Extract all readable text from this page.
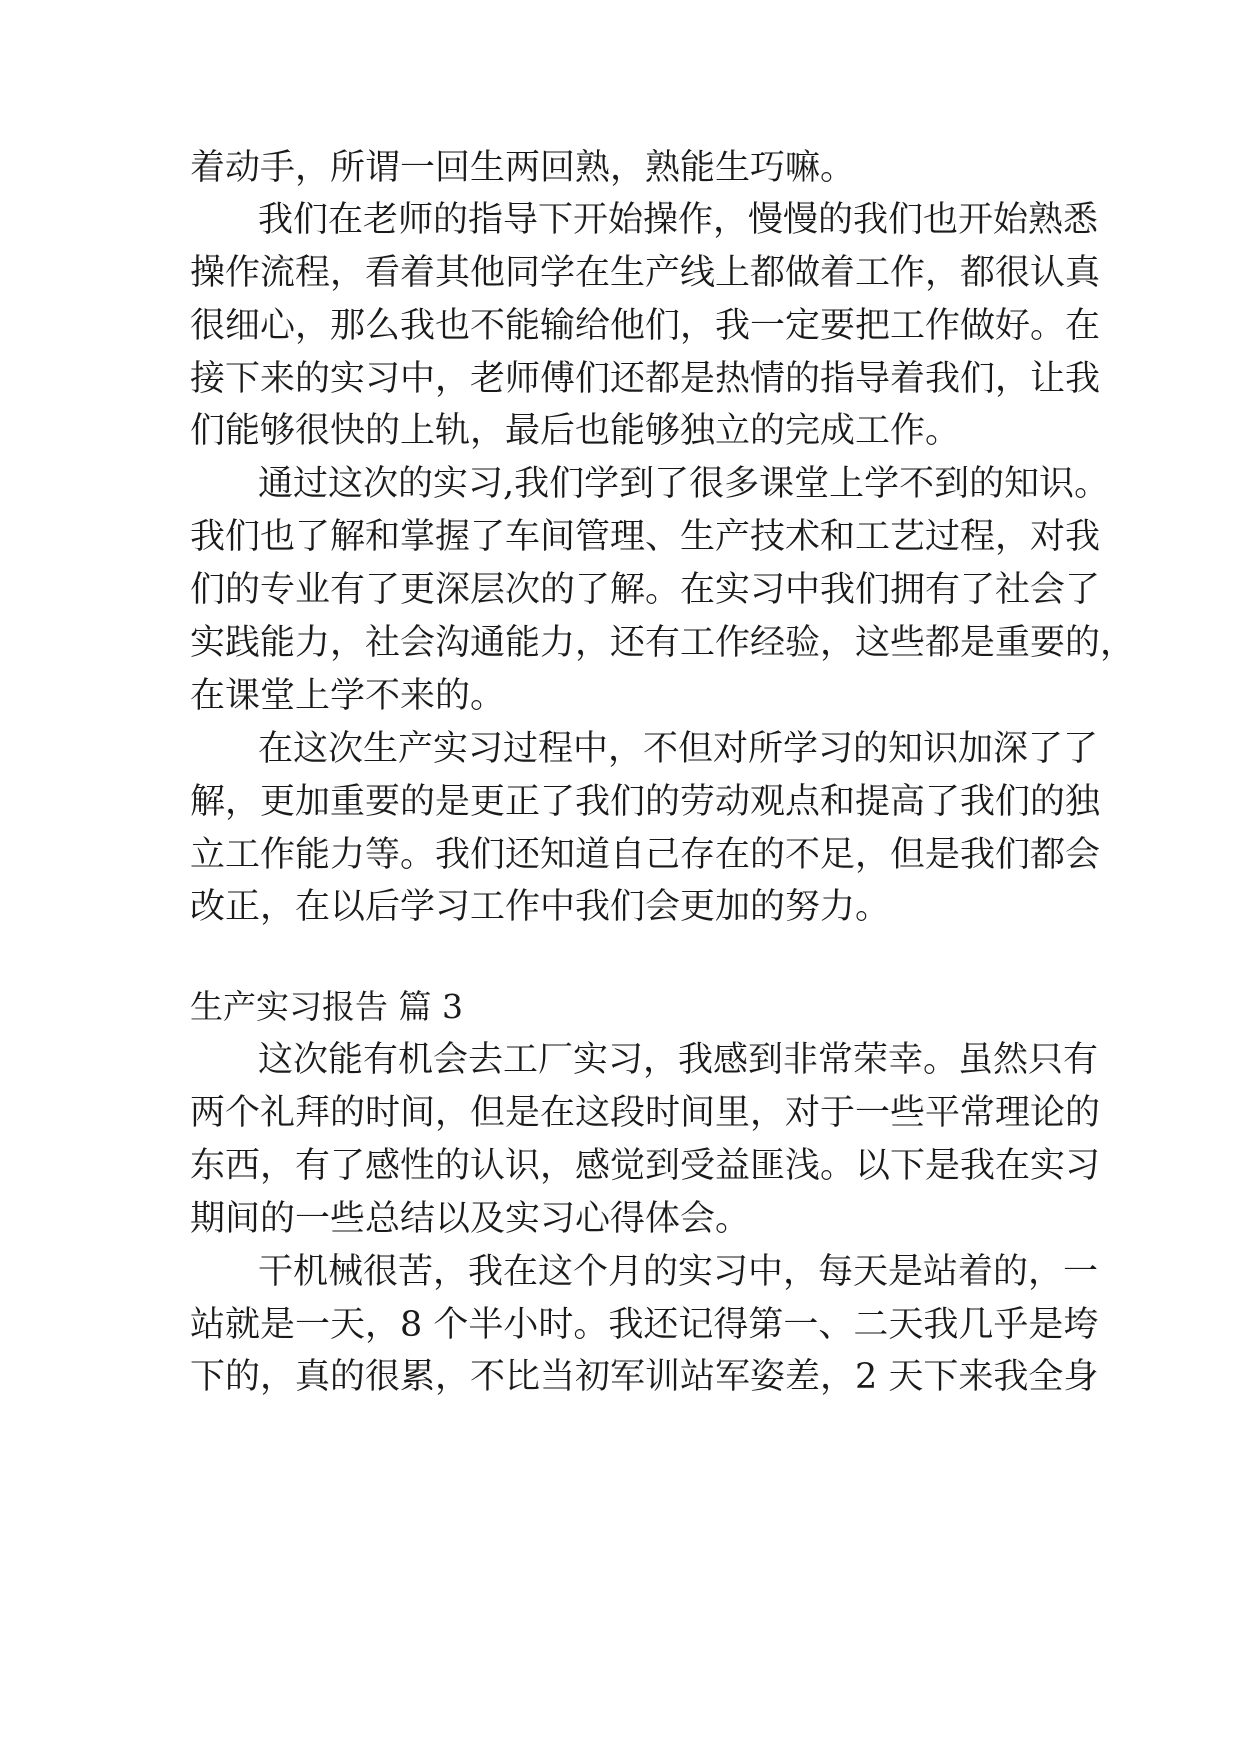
着动手，所谓一回生两回熟，熟能生巧嘛。
我们在老师的指导下开始操作，慢慢的我们也开始熟悉
操作流程，看着其他同学在生产线上都做着工作，都很认真
很细心，那么我也不能输给他们，我一定要把工作做好。在
接下来的实习中，老师傅们还都是热情的指导着我们，让我
们能够很快的上轨，最后也能够独立的完成工作。
通过这次的实习,我们学到了很多课堂上学不到的知识。
我们也了解和掌握了车间管理、生产技术和工艺过程，对我
们的专业有了更深层次的了解。在实习中我们拥有了社会了
实践能力，社会沟通能力，还有工作经验，这些都是重要的，
在课堂上学不来的。
在这次生产实习过程中，不但对所学习的知识加深了了
解，更加重要的是更正了我们的劳动观点和提高了我们的独
立工作能力等。我们还知道自己存在的不足，但是我们都会
改正，在以后学习工作中我们会更加的努力。
生产实习报告 篇 3
这次能有机会去工厂实习，我感到非常荣幸。虽然只有
两个礼拜的时间，但是在这段时间里，对于一些平常理论的
东西，有了感性的认识，感觉到受益匪浅。以下是我在实习
期间的一些总结以及实习心得体会。
干机械很苦，我在这个月的实习中，每天是站着的，一
站就是一天，8 个半小时。我还记得第一、二天我几乎是垮
下的，真的很累，不比当初军训站军姿差，2 天下来我全身
